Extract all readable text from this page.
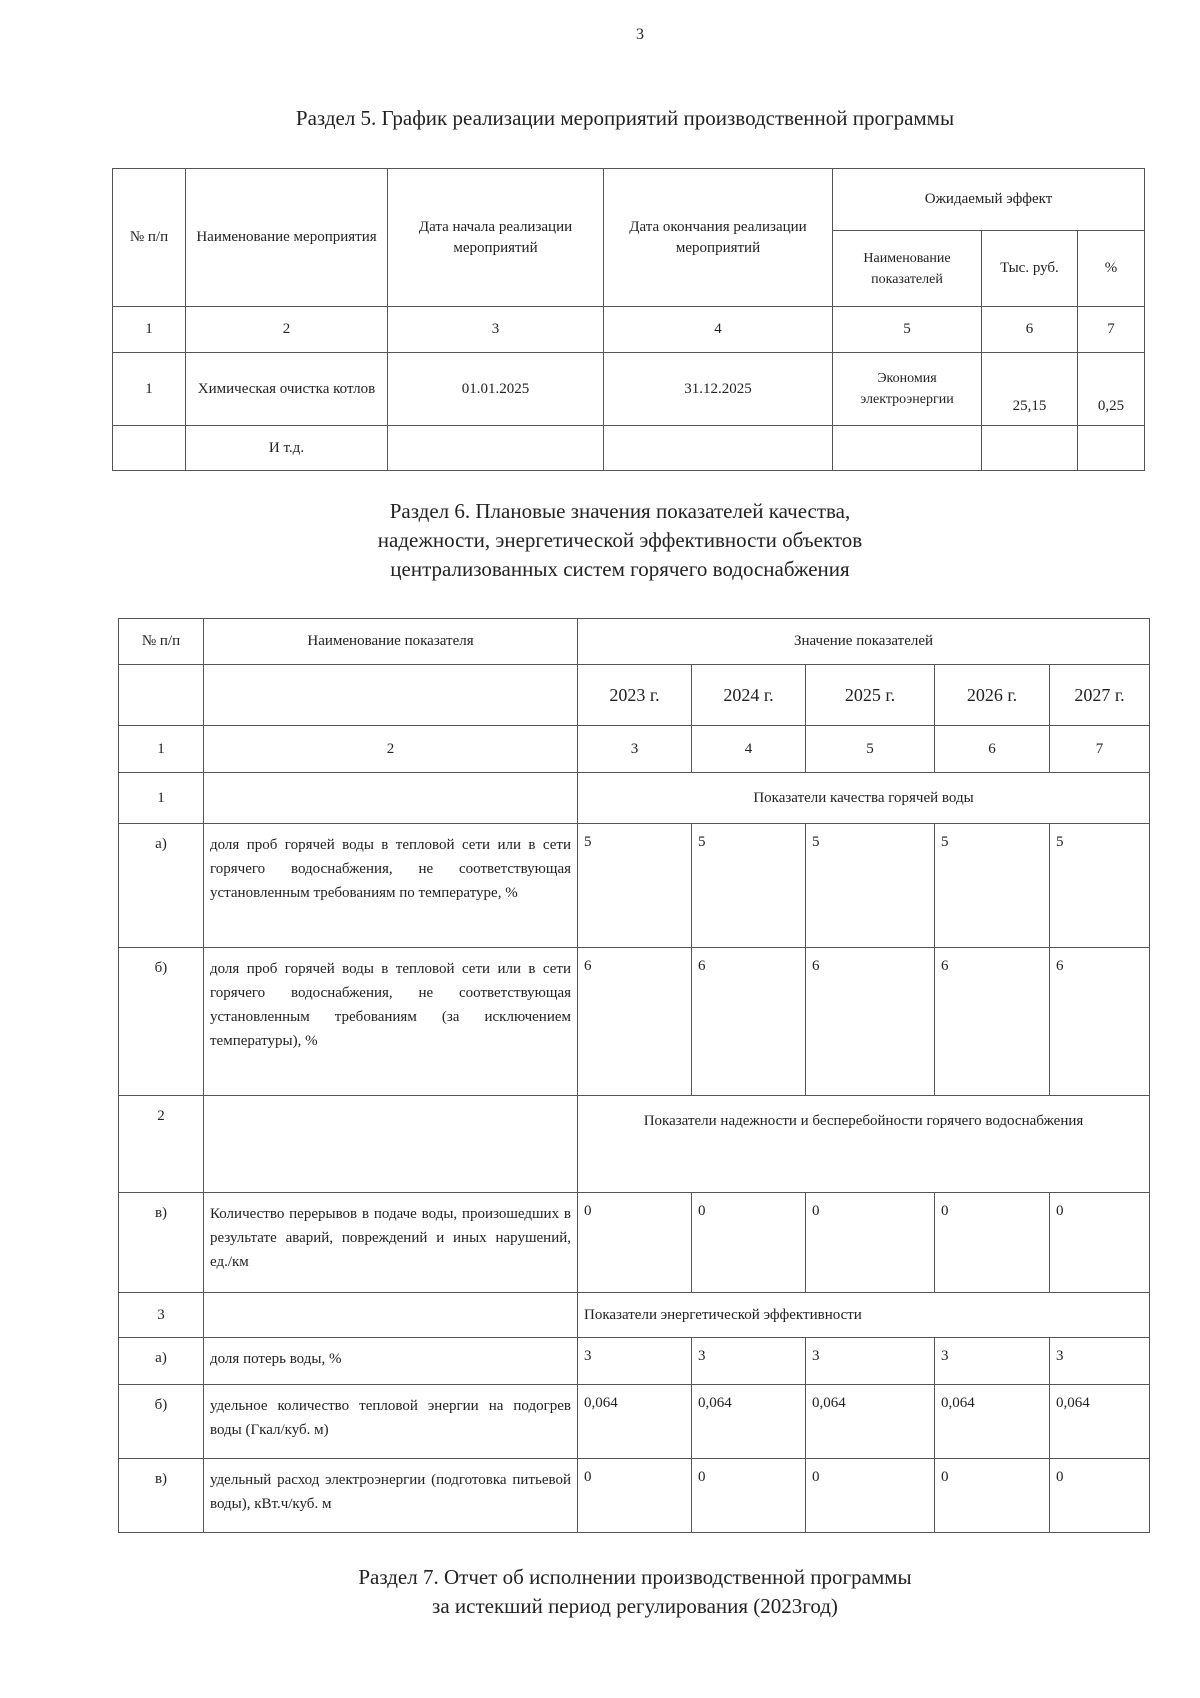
3
Раздел 5. График реализации мероприятий производственной программы
№ п/п	Наименование мероприятия	Дата начала реализации мероприятий	Дата окончания реализации мероприятий	Ожидаемый эффект		
				Наименование показателей	Тыс. руб.	%
1	2	3	4	5	6	7
1	Химическая очистка котлов	01.01.2025	31.12.2025	Экономия электроэнергии	25,15	0,25
	И т.д.					
Раздел 6. Плановые значения показателей качества,
надежности, энергетической эффективности объектов
централизованных систем горячего водоснабжения
№ п/п	Наименование показателя	Значение показателей				
		2023 г.	2024 г.	2025 г.	2026 г.	2027 г.
1	2	3	4	5	6	7
1		Показатели качества горячей воды				
а)	доля проб горячей воды в тепловой сети или в сети горячего водоснабжения, не соответствующая установленным требованиям по температуре, %	5	5	5	5	5
б)	доля проб горячей воды в тепловой сети или в сети горячего водоснабжения, не соответствующая установленным требованиям (за исключением температуры), %	6	6	6	6	6
2		Показатели надежности и бесперебойности горячего водоснабжения				
в)	Количество перерывов в подаче воды, произошедших в результате аварий, повреждений и иных нарушений, ед./км	0	0	0	0	0
3		Показатели энергетической эффективности				
а)	доля потерь воды, %	3	3	3	3	3
б)	удельное количество тепловой энергии на подогрев воды (Гкал/куб. м)	0,064	0,064	0,064	0,064	0,064
в)	удельный расход электроэнергии (подготовка питьевой воды), кВт.ч/куб. м	0	0	0	0	0
Раздел 7. Отчет об исполнении производственной программы
за истекший период регулирования (2023год)
